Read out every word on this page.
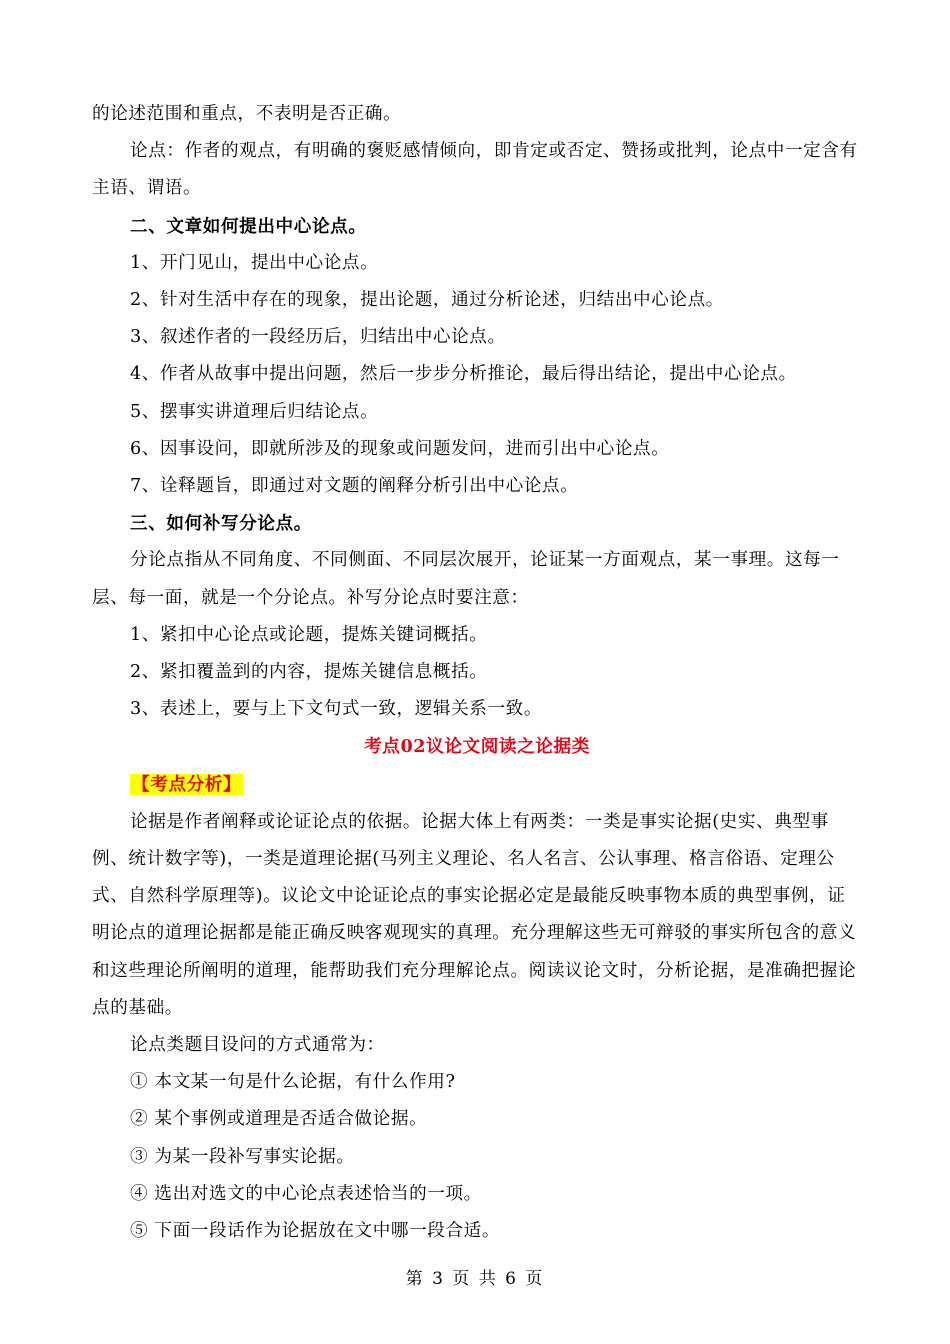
的论述范围和重点，不表明是否正确。

论点：作者的观点，有明确的褒贬感情倾向，即肯定或否定、赞扬或批判，论点中一定含有主语、谓语。

二、文章如何提出中心论点。

1、开门见山，提出中心论点。

2、针对生活中存在的现象，提出论题，通过分析论述，归结出中心论点。

3、叙述作者的一段经历后，归结出中心论点。

4、作者从故事中提出问题，然后一步步分析推论，最后得出结论，提出中心论点。

5、摆事实讲道理后归结论点。

6、因事设问，即就所涉及的现象或问题发问，进而引出中心论点。

7、诠释题旨，即通过对文题的阐释分析引出中心论点。

三、如何补写分论点。

分论点指从不同角度、不同侧面、不同层次展开，论证某一方面观点，某一事理。这每一层、每一面，就是一个分论点。补写分论点时要注意：

1、紧扣中心论点或论题，提炼关键词概括。

2、紧扣覆盖到的内容，提炼关键信息概括。

3、表述上，要与上下文句式一致，逻辑关系一致。

考点02议论文阅读之论据类

【考点分析】

论据是作者阐释或论证论点的依据。论据大体上有两类：一类是事实论据(史实、典型事例、统计数字等)，一类是道理论据(马列主义理论、名人名言、公认事理、格言俗语、定理公式、自然科学原理等)。议论文中论证论点的事实论据必定是最能反映事物本质的典型事例，证明论点的道理论据都是能正确反映客观现实的真理。充分理解这些无可辩驳的事实所包含的意义和这些理论所阐明的道理，能帮助我们充分理解论点。阅读议论文时，分析论据，是准确把握论点的基础。

论点类题目设问的方式通常为：

① 本文某一句是什么论据，有什么作用?

② 某个事例或道理是否适合做论据。

③ 为某一段补写事实论据。

④ 选出对选文的中心论点表述恰当的一项。

⑤ 下面一段话作为论据放在文中哪一段合适。

第 3 页 共 6 页
